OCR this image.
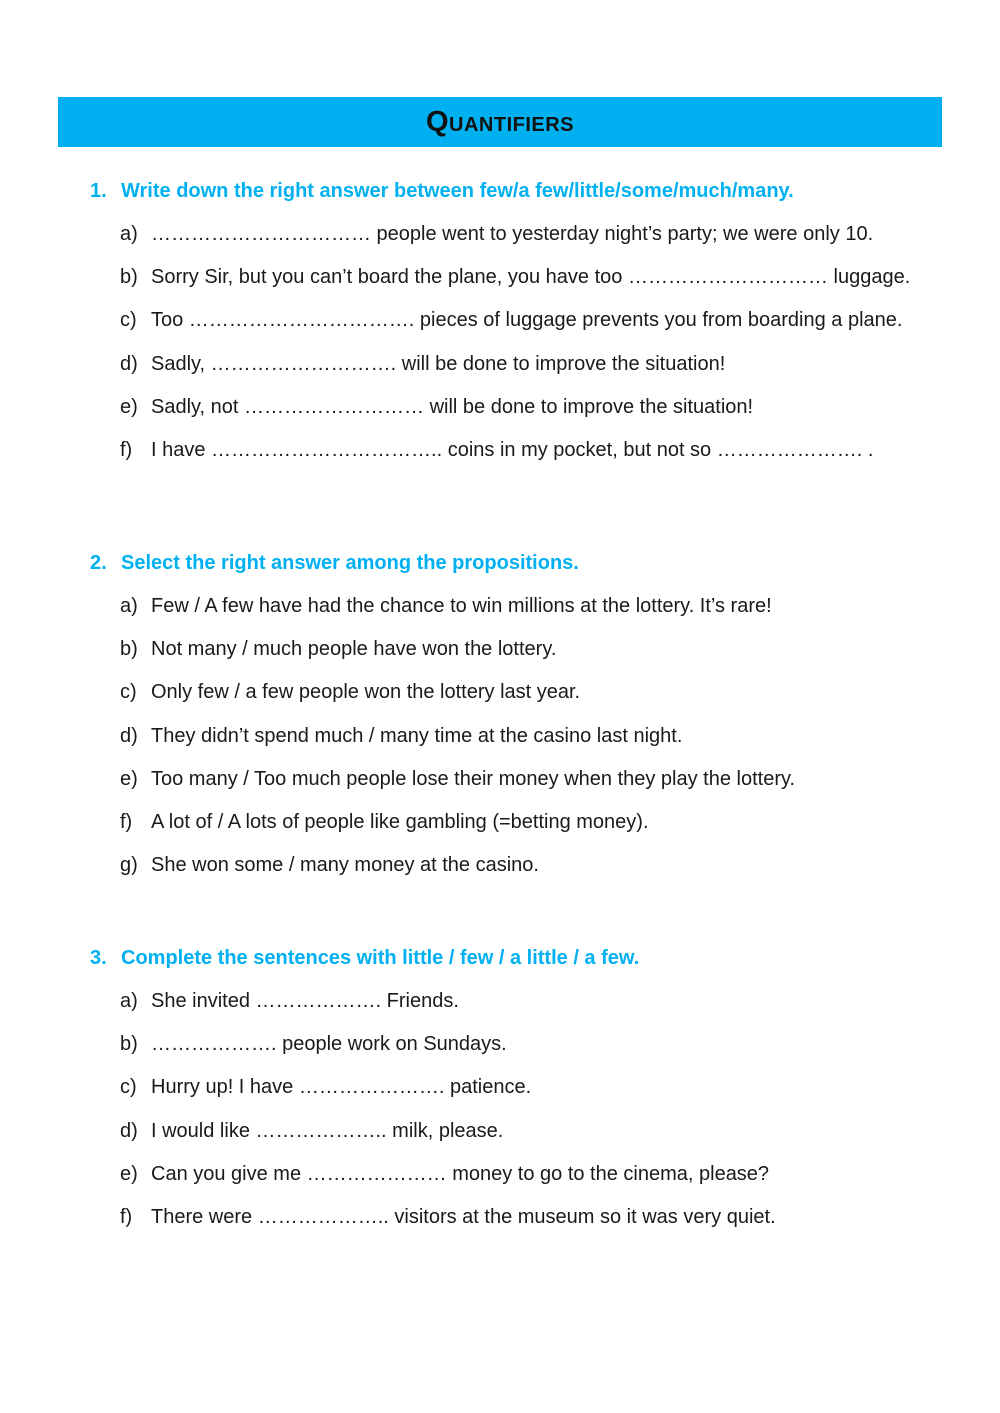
Quantifiers
1. Write down the right answer between few/a few/little/some/much/many.
a) …………………………… people went to yesterday night’s party; we were only 10.
b) Sorry Sir, but you can’t board the plane, you have too ………………………… luggage.
c) Too ……………………………. pieces of luggage prevents you from boarding a plane.
d) Sadly, ………………………. will be done to improve the situation!
e) Sadly, not ……………………… will be done to improve the situation!
f) I have …………………………….. coins in my pocket, but not so …………………. .
2. Select the right answer among the propositions.
a) Few / A few have had the chance to win millions at the lottery. It’s rare!
b) Not many / much people have won the lottery.
c) Only few / a few people won the lottery last year.
d) They didn’t spend much / many time at the casino last night.
e) Too many / Too much people lose their money when they play the lottery.
f) A lot of / A lots of people like gambling (=betting money).
g) She won some / many money at the casino.
3. Complete the sentences with little / few / a little / a few.
a) She invited ………………. Friends.
b) ………………. people work on Sundays.
c) Hurry up! I have …………………. patience.
d) I would like ……………….. milk, please.
e) Can you give me ………………… money to go to the cinema, please?
f) There were ……………….. visitors at the museum so it was very quiet.
